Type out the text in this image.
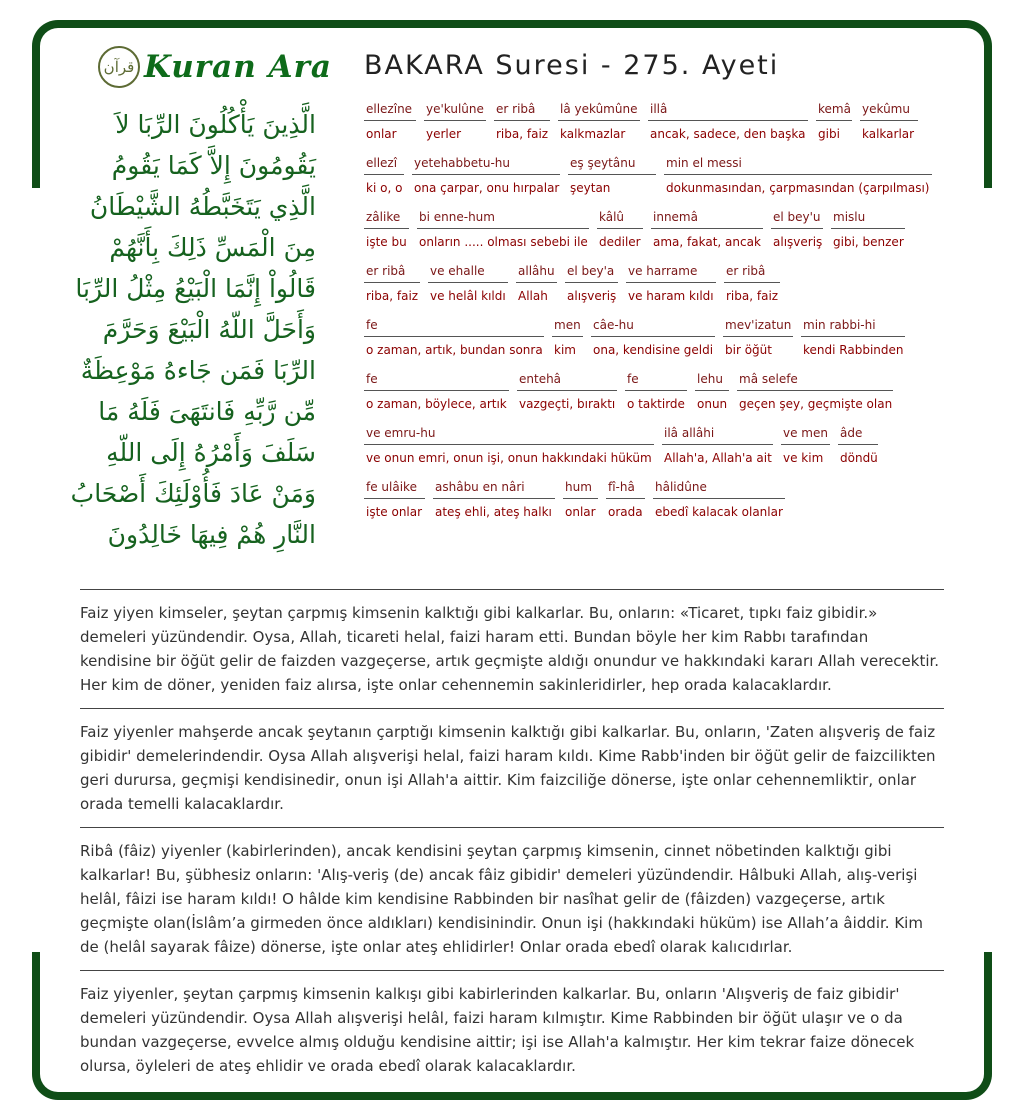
قرآن Kuran Ara
الَّذِينَ يَأْكُلُونَ الرِّبَا لاَ
يَقُومُونَ إِلاَّ كَمَا يَقُومُ
الَّذِي يَتَخَبَّطُهُ الشَّيْطَانُ
مِنَ الْمَسِّ ذَلِكَ بِأَنَّهُمْ
قَالُواْ إِنَّمَا الْبَيْعُ مِثْلُ الرِّبَا
وَأَحَلَّ اللّهُ الْبَيْعَ وَحَرَّمَ
الرِّبَا فَمَن جَاءهُ مَوْعِظَةٌ
مِّن رَّبِّهِ فَانتَهَىَ فَلَهُ مَا
سَلَفَ وَأَمْرُهُ إِلَى اللّهِ
وَمَنْ عَادَ فَأُوْلَئِكَ أَصْحَابُ
النَّارِ هُمْ فِيهَا خَالِدُونَ
BAKARA Suresi - 275. Ayeti
ellezîne
onlar
ye'kulûne
yerler
er ribâ
riba, faiz
lâ yekûmûne
kalkmazlar
illâ
ancak, sadece, den başka
kemâ
gibi
yekûmu
kalkarlar
ellezî
ki o, o
yetehabbetu-hu
ona çarpar, onu hırpalar
eş şeytânu
şeytan
min el messi
dokunmasından, çarpmasından (çarpılması)
zâlike
işte bu
bi enne-hum
onların ..... olması sebebi ile
kâlû
dediler
innemâ
ama, fakat, ancak
el bey'u
alışveriş
mislu
gibi, benzer
er ribâ
riba, faiz
ve ehalle
ve helâl kıldı
allâhu
Allah
el bey'a
alışveriş
ve harrame
ve haram kıldı
er ribâ
riba, faiz
fe
o zaman, artık, bundan sonra
men
kim
câe-hu
ona, kendisine geldi
mev'izatun
bir öğüt
min rabbi-hi
kendi Rabbinden
fe
o zaman, böylece, artık
entehâ
vazgeçti, bıraktı
fe
o taktirde
lehu
onun
mâ selefe
geçen şey, geçmişte olan
ve emru-hu
ve onun emri, onun işi, onun hakkındaki hüküm
ilâ allâhi
Allah'a, Allah'a ait
ve men
ve kim
âde
döndü
fe ulâike
işte onlar
ashâbu en nâri
ateş ehli, ateş halkı
hum
onlar
fî-hâ
orada
hâlidûne
ebedî kalacak olanlar
Faiz yiyen kimseler, şeytan çarpmış kimsenin kalktığı gibi kalkarlar. Bu, onların: «Ticaret, tıpkı faiz gibidir.» demeleri yüzündendir. Oysa, Allah, ticareti helal, faizi haram etti. Bundan böyle her kim Rabbı tarafından kendisine bir öğüt gelir de faizden vazgeçerse, artık geçmişte aldığı onundur ve hakkındaki kararı Allah verecektir. Her kim de döner, yeniden faiz alırsa, işte onlar cehennemin sakinleridirler, hep orada kalacaklardır.
Faiz yiyenler mahşerde ancak şeytanın çarptığı kimsenin kalktığı gibi kalkarlar. Bu, onların, 'Zaten alışveriş de faiz gibidir' demelerindendir. Oysa Allah alışverişi helal, faizi haram kıldı. Kime Rabb'inden bir öğüt gelir de faizcilikten geri durursa, geçmişi kendisinedir, onun işi Allah'a aittir. Kim faizciliğe dönerse, işte onlar cehennemliktir, onlar orada temelli kalacaklardır.
Ribâ (fâiz) yiyenler (kabirlerinden), ancak kendisini şeytan çarpmış kimsenin, cinnet nöbetinden kalktığı gibi kalkarlar! Bu, şübhesiz onların: 'Alış-veriş (de) ancak fâiz gibidir' demeleri yüzündendir. Hâlbuki Allah, alış-verişi helâl, fâizi ise haram kıldı! O hâlde kim kendisine Rabbinden bir nasîhat gelir de (fâizden) vazgeçerse, artık geçmişte olan(İslâm’a girmeden önce aldıkları) kendisinindir. Onun işi (hakkındaki hüküm) ise Allah’a âiddir. Kim de (helâl sayarak fâize) dönerse, işte onlar ateş ehlidirler! Onlar orada ebedî olarak kalıcıdırlar.
Faiz yiyenler, şeytan çarpmış kimsenin kalkışı gibi kabirlerinden kalkarlar. Bu, onların 'Alışveriş de faiz gibidir' demeleri yüzündendir. Oysa Allah alışverişi helâl, faizi haram kılmıştır. Kime Rabbinden bir öğüt ulaşır ve o da bundan vazgeçerse, evvelce almış olduğu kendisine aittir; işi ise Allah'a kalmıştır. Her kim tekrar faize dönecek olursa, öyleleri de ateş ehlidir ve orada ebedî olarak kalacaklardır.
